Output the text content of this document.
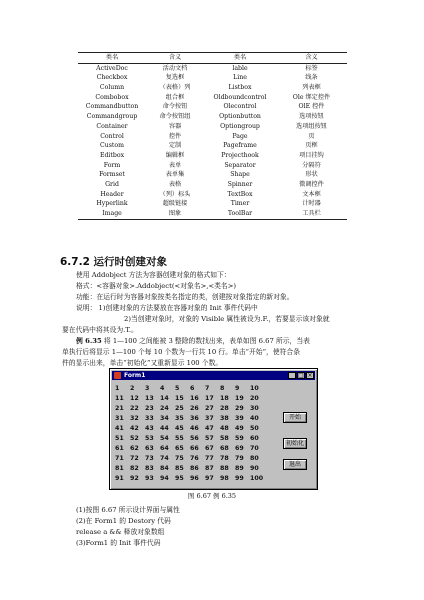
类名	含义	类名	含义
ActiveDoc	活动文档	lable	标签
Checkbox	复选框	Line	线条
Column	（表格）列	Listbox	列表框
Combobox	组合框	Oldboundcontrol	Ole 绑定控件
Commandbutton	命令按钮	Olecontrol	OlE 控件
Commandgroup	命令按钮组	Optionbutton	选项按钮
Container	容器	Optiongroup	选项组按钮
Control	控件	Page	页
Custom	定制	Pageframe	页框
Editbox	编辑框	Projecthook	项目挂钩
Form	表单	Separator	分隔符
Formset	表单集	Shape	形状
Grid	表格	Spinner	微调控件
Header	（列）标头	TextBox	文本框
Hyperlink	超级链接	Timer	计时器
Image	图象	ToolBar	工具栏
6.7.2 运行时创建对象

使用 Addobject 方法为容器创建对象的格式如下：

格式：<容器对象>.Addobject(<对象名>,<类名>)

功能：在运行时为容器对象按类名指定的类，创建按对象指定的新对象。

说明： 1)创建对象的方法要放在容器对象的 Init 事件代码中

2)当创建对象时，对象的 Visible 属性被设为.F.，若要显示该对象就

要在代码中将其设为.T.。

例 6.35 将 1—100 之间能被 3 整除的数找出来，表单如图 6.67 所示，当表

单执行后将显示 1—100 个每 10 个数为一行共 10 行。单击“开始”，使符合条

件的显示出来，单击“初始化”又重新显示 100 个数。

Form1	_ □ ×
1 2 3 4 5 6 7 8 9 10
11 12 13 14 15 16 17 18 19 20
21 22 23 24 25 26 27 28 29 30
31 32 33 34 35 36 37 38 39 40
41 42 43 44 45 46 47 48 49 50
51 52 53 54 55 56 57 58 59 60
61 62 63 64 65 66 67 68 69 70
71 72 73 74 75 76 77 78 79 80
81 82 83 84 85 86 87 88 89 90
91 92 93 94 95 96 97 98 99 100
开始
初始化
退出
图 6.67 例 6.35

(1)按图 6.67 所示设计界面与属性

(2)在 Form1 的 Destory 代码

release a && 释放对象数组

(3)Form1 的 Init 事件代码
